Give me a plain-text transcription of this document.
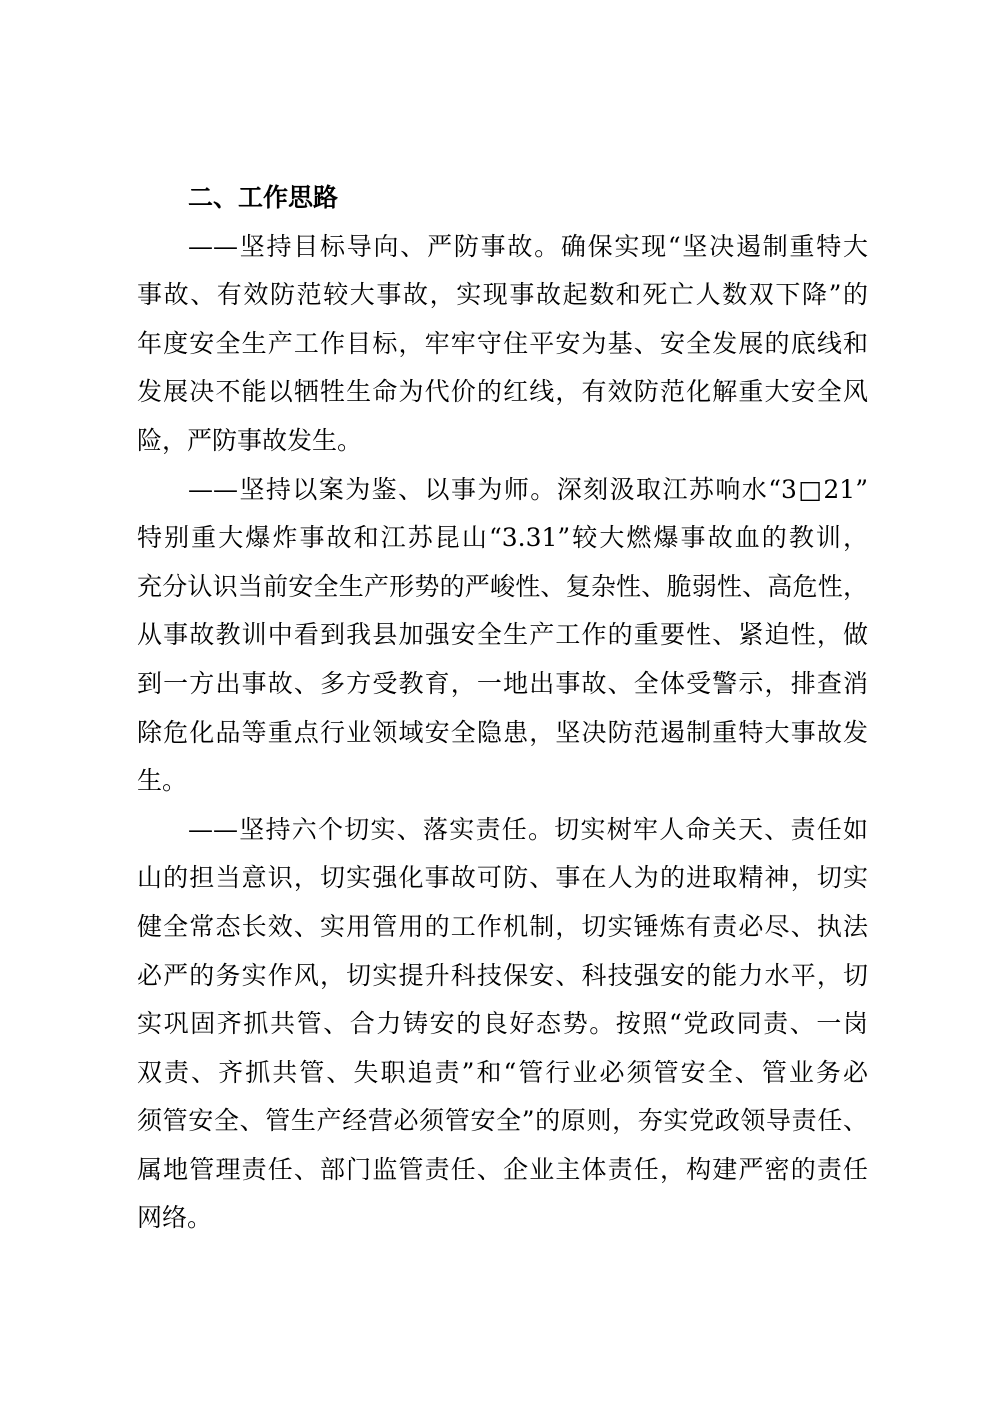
二、工作思路
——坚持目标导向、严防事故。确保实现“坚决遏制重特大
事故、有效防范较大事故，实现事故起数和死亡人数双下降”的
年度安全生产工作目标，牢牢守住平安为基、安全发展的底线和
发展决不能以牺牲生命为代价的红线，有效防范化解重大安全风
险，严防事故发生。
——坚持以案为鉴、以事为师。深刻汲取江苏响水“3□21”
特别重大爆炸事故和江苏昆山“3.31”较大燃爆事故血的教训，
充分认识当前安全生产形势的严峻性、复杂性、脆弱性、高危性，
从事故教训中看到我县加强安全生产工作的重要性、紧迫性，做
到一方出事故、多方受教育，一地出事故、全体受警示，排查消
除危化品等重点行业领域安全隐患，坚决防范遏制重特大事故发
生。
——坚持六个切实、落实责任。切实树牢人命关天、责任如
山的担当意识，切实强化事故可防、事在人为的进取精神，切实
健全常态长效、实用管用的工作机制，切实锤炼有责必尽、执法
必严的务实作风，切实提升科技保安、科技强安的能力水平，切
实巩固齐抓共管、合力铸安的良好态势。按照“党政同责、一岗
双责、齐抓共管、失职追责”和“管行业必须管安全、管业务必
须管安全、管生产经营必须管安全”的原则，夯实党政领导责任、
属地管理责任、部门监管责任、企业主体责任，构建严密的责任
网络。
